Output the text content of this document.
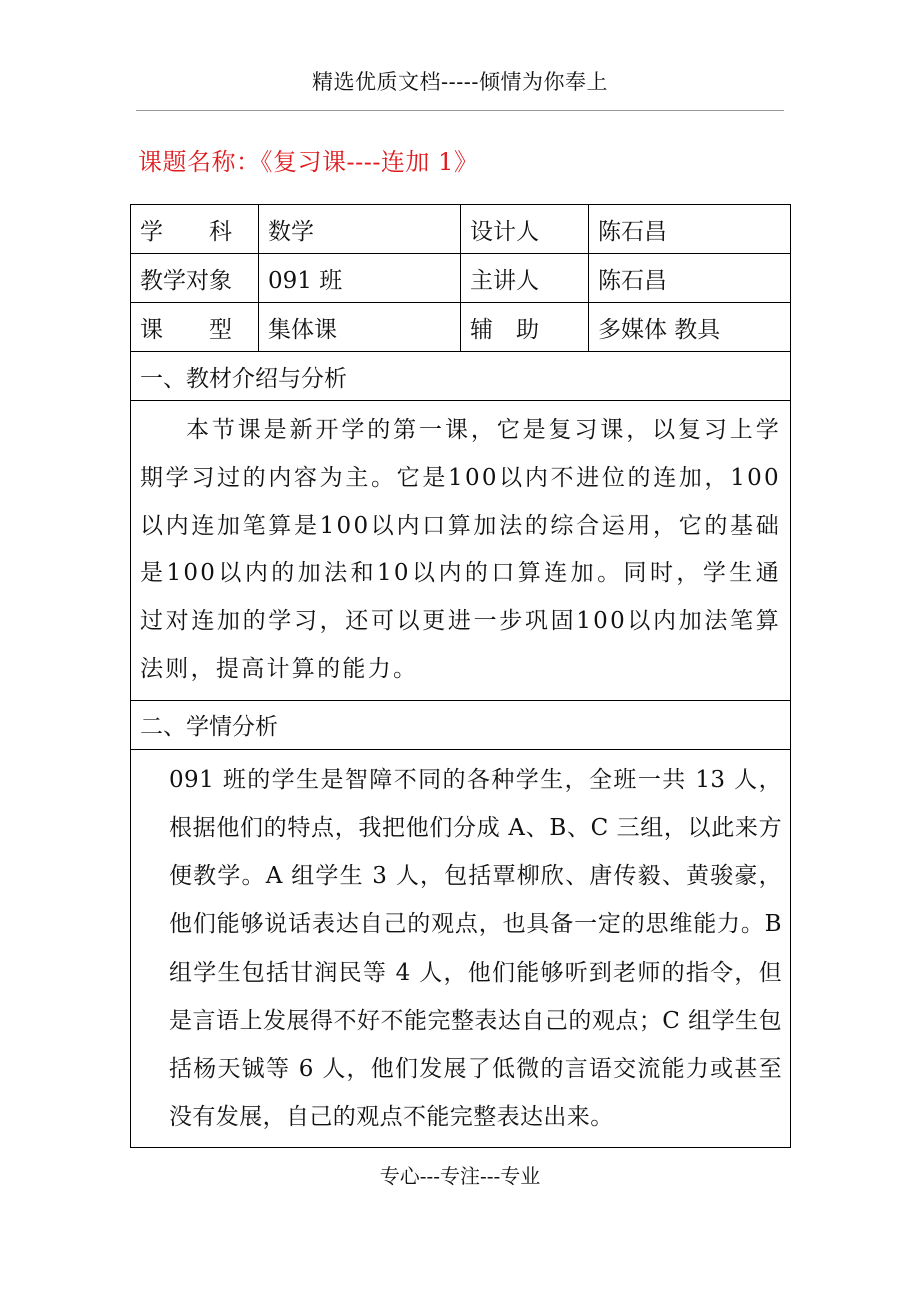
精选优质文档-----倾情为你奉上
课题名称：《复习课----连加 1》
学　　科	数学	设计人	陈石昌
教学对象	091 班	主讲人	陈石昌
课　　型	集体课	辅　助	多媒体 教具
一、教材介绍与分析			
本节课是新开学的第一课，它是复习课，以复习上学期学习过的内容为主。它是100以内不进位的连加，100以内连加笔算是100以内口算加法的综合运用，它的基础是100以内的加法和10以内的口算连加。同时，学生通过对连加的学习，还可以更进一步巩固100以内加法笔算法则，提高计算的能力。			
二、学情分析			
091 班的学生是智障不同的各种学生，全班一共 13 人，根据他们的特点，我把他们分成 A、B、C 三组，以此来方便教学。A 组学生 3 人，包括覃柳欣、唐传毅、黄骏豪，他们能够说话表达自己的观点，也具备一定的思维能力。B 组学生包括甘润民等 4 人，他们能够听到老师的指令，但是言语上发展得不好不能完整表达自己的观点；C 组学生包括杨天铖等 6 人，他们发展了低微的言语交流能力或甚至没有发展，自己的观点不能完整表达出来。			
专心---专注---专业
